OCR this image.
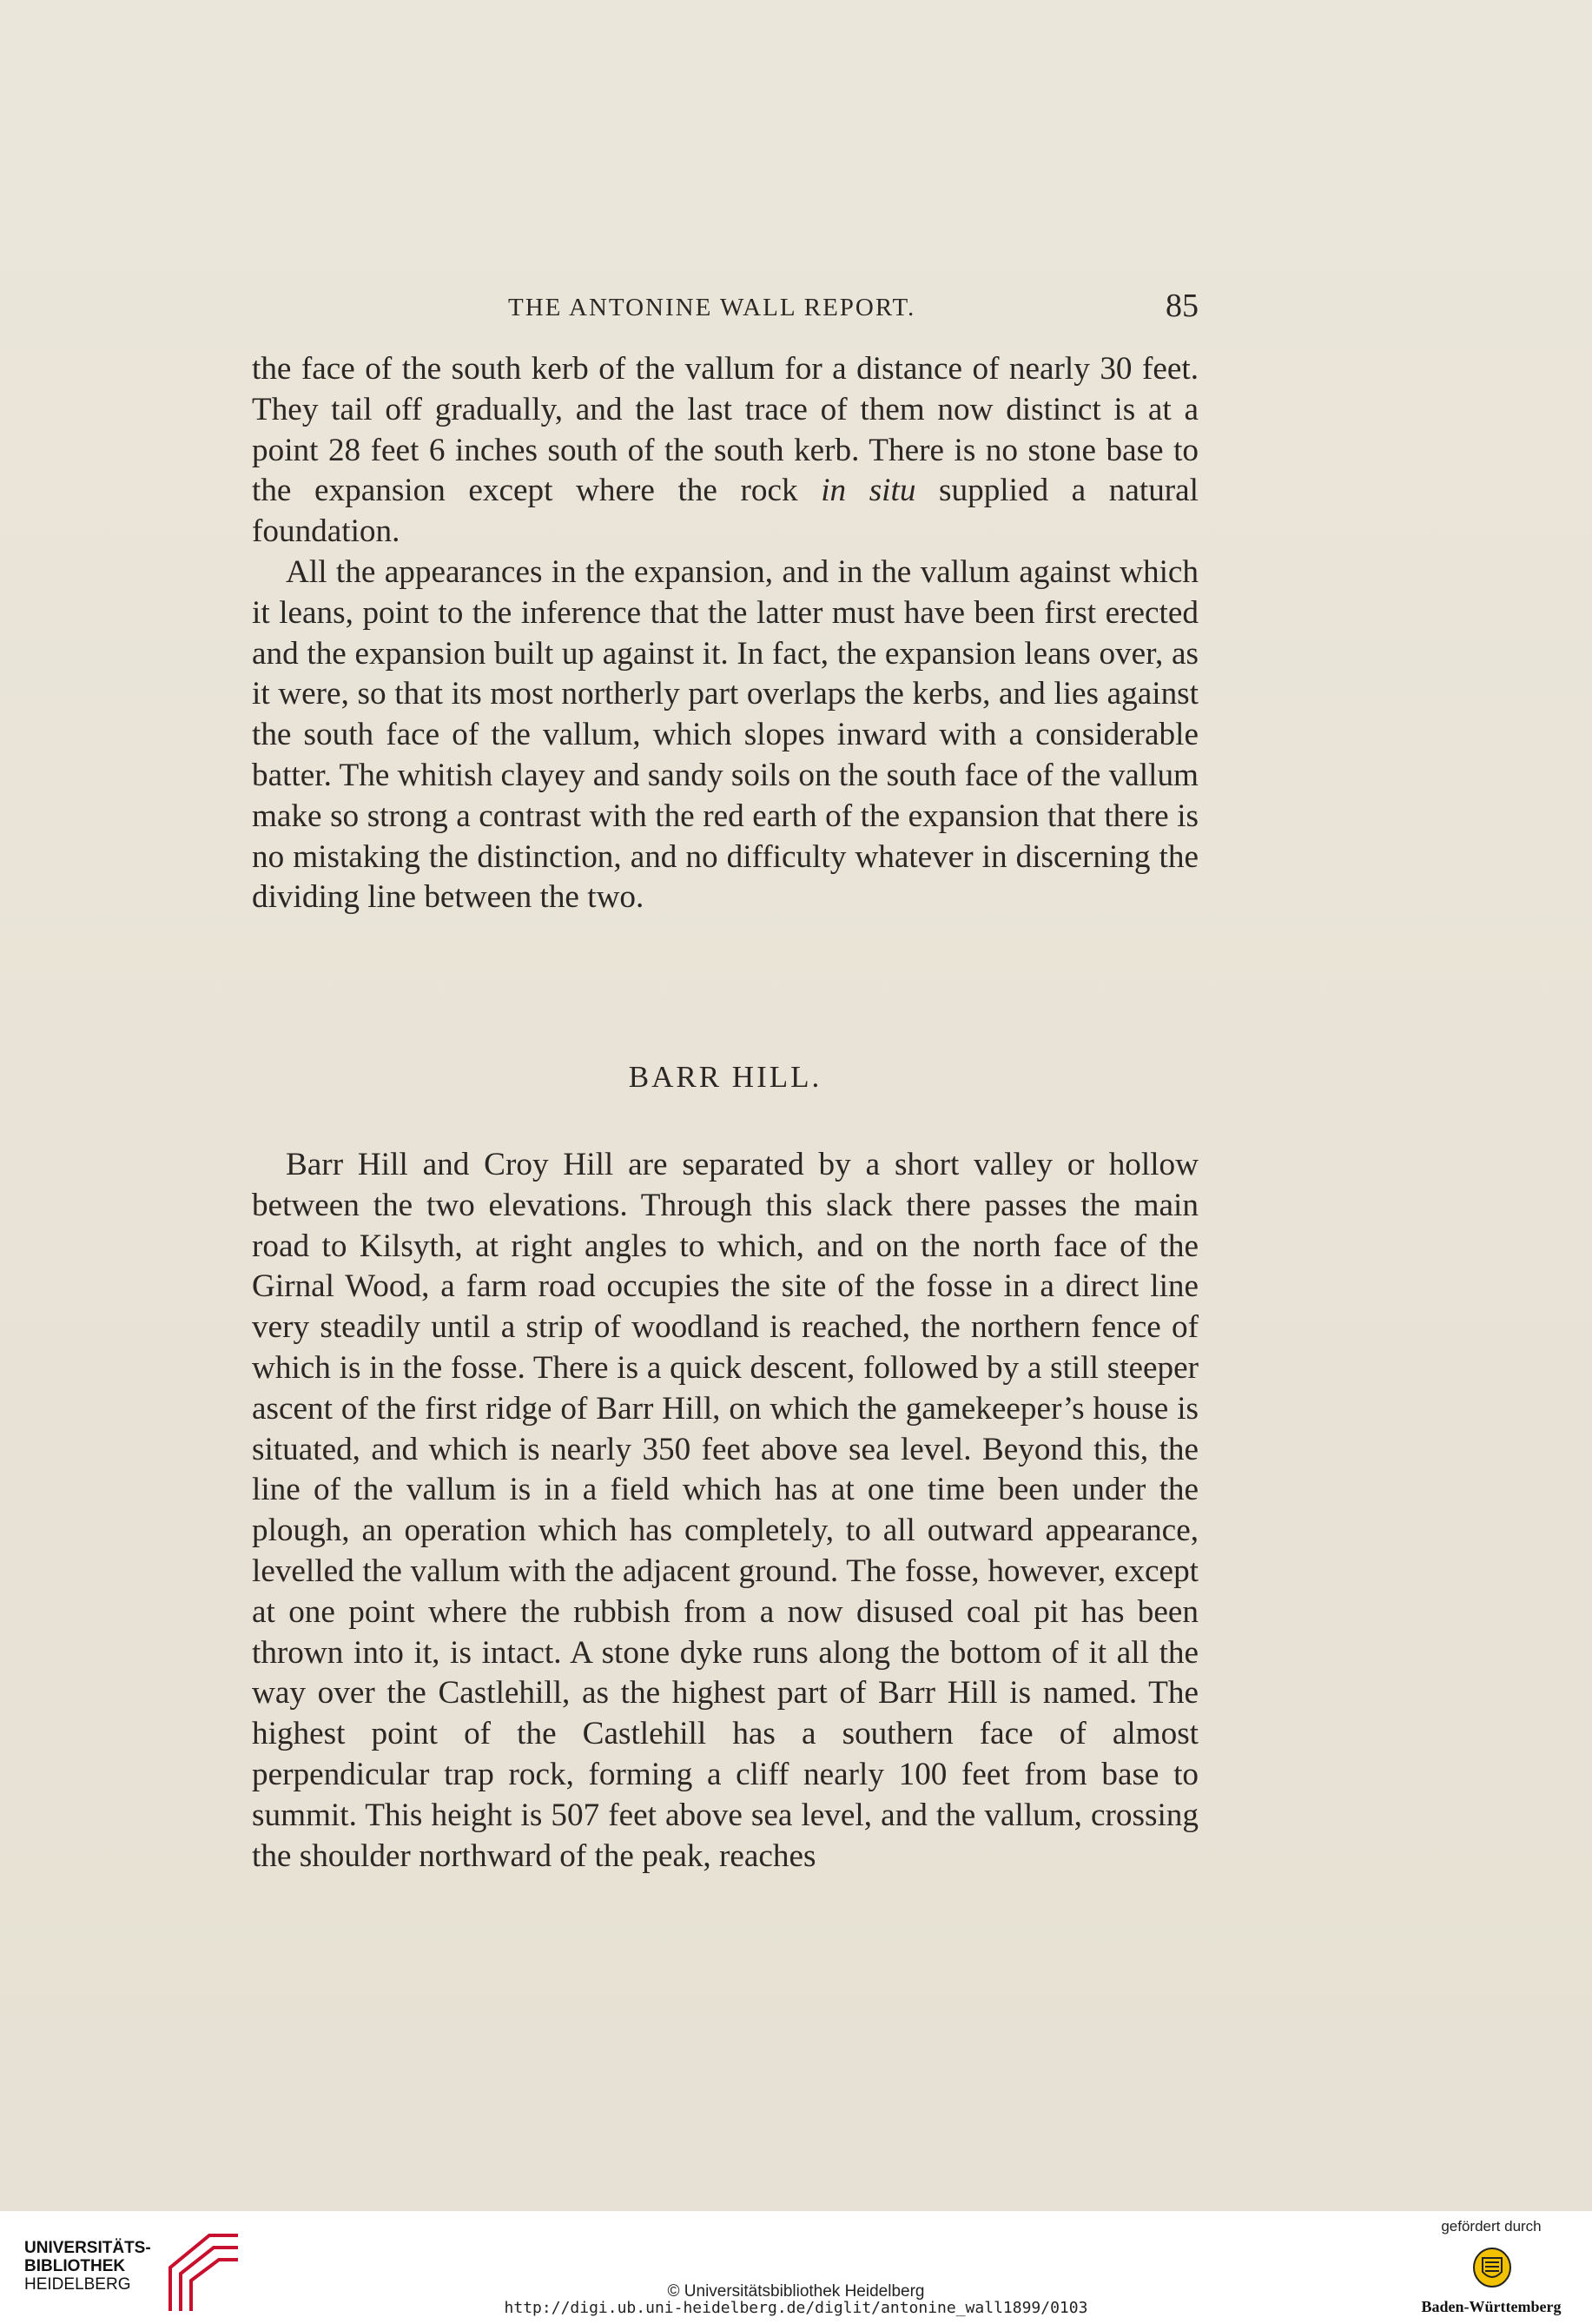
THE ANTONINE WALL REPORT.	85

the face of the south kerb of the vallum for a distance of nearly 30 feet. They tail off gradually, and the last trace of them now distinct is at a point 28 feet 6 inches south of the south kerb. There is no stone base to the expansion except where the rock in situ supplied a natural foundation.

All the appearances in the expansion, and in the vallum against which it leans, point to the inference that the latter must have been first erected and the expansion built up against it. In fact, the expansion leans over, as it were, so that its most northerly part overlaps the kerbs, and lies against the south face of the vallum, which slopes inward with a considerable batter. The whitish clayey and sandy soils on the south face of the vallum make so strong a contrast with the red earth of the expansion that there is no mistaking the distinction, and no difficulty whatever in discerning the dividing line between the two.

BARR HILL.

Barr Hill and Croy Hill are separated by a short valley or hollow between the two elevations. Through this slack there passes the main road to Kilsyth, at right angles to which, and on the north face of the Girnal Wood, a farm road occupies the site of the fosse in a direct line very steadily until a strip of woodland is reached, the northern fence of which is in the fosse. There is a quick descent, followed by a still steeper ascent of the first ridge of Barr Hill, on which the gamekeeper’s house is situated, and which is nearly 350 feet above sea level. Beyond this, the line of the vallum is in a field which has at one time been under the plough, an operation which has completely, to all outward appearance, levelled the vallum with the adjacent ground. The fosse, however, except at one point where the rubbish from a now disused coal pit has been thrown into it, is intact. A stone dyke runs along the bottom of it all the way over the Castlehill, as the highest part of Barr Hill is named. The highest point of the Castlehill has a southern face of almost perpendicular trap rock, forming a cliff nearly 100 feet from base to summit. This height is 507 feet above sea level, and the vallum, crossing the shoulder northward of the peak, reaches

UNIVERSITÄTS-
BIBLIOTHEK
HEIDELBERG	© Universitätsbibliothek Heidelberg
http://digi.ub.uni-heidelberg.de/diglit/antonine_wall1899/0103
gefördert durch
Baden-Württemberg
